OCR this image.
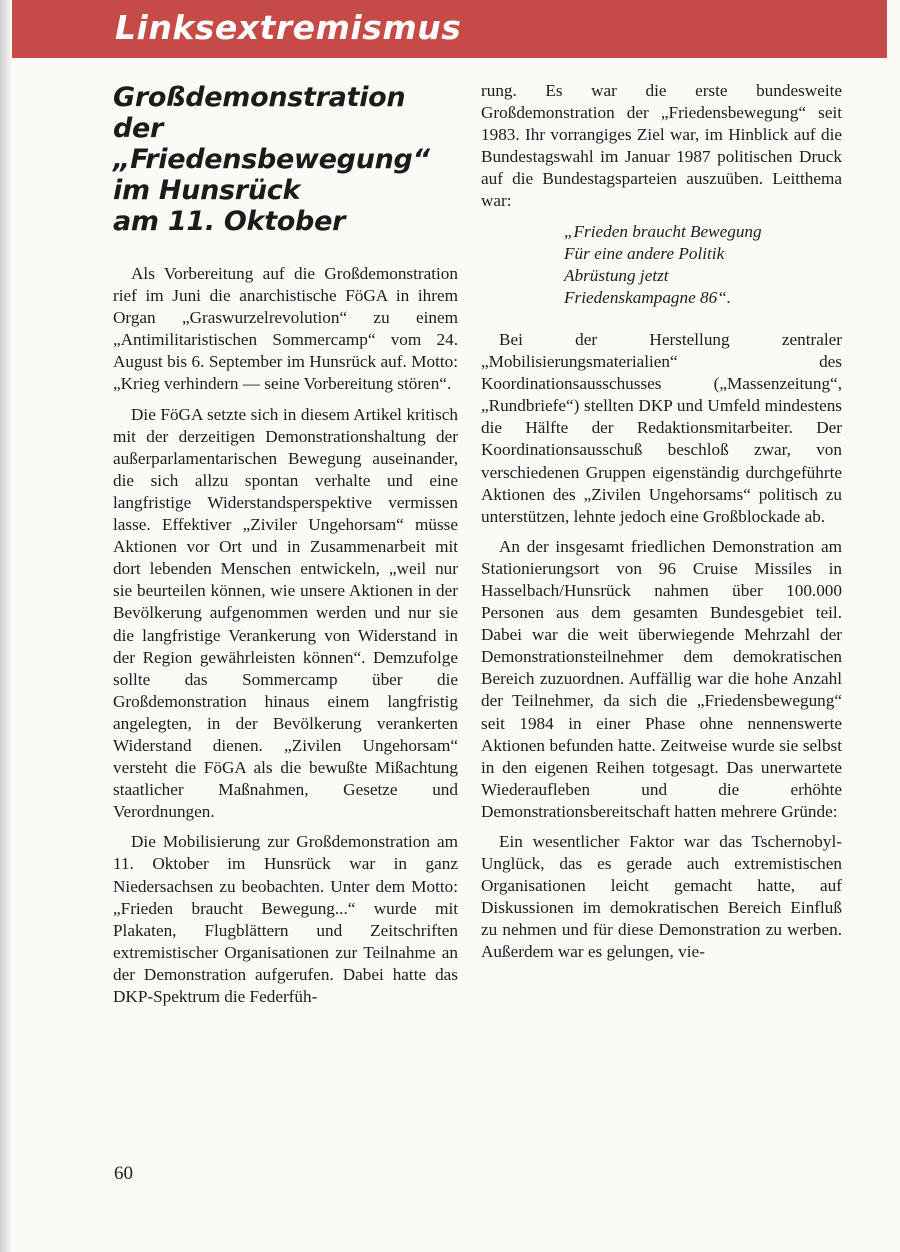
Linksextremismus
Großdemonstration
der
„Friedensbewegung“
im Hunsrück
am 11. Oktober

Als Vorbereitung auf die Großdemonstration rief im Juni die anarchistische FöGA in ihrem Organ „Graswurzelrevolution“ zu einem „Antimilitaristischen Sommercamp“ vom 24. August bis 6. September im Hunsrück auf. Motto: „Krieg verhindern — seine Vorbereitung stören“.

Die FöGA setzte sich in diesem Artikel kritisch mit der derzeitigen Demonstrationshaltung der außerparlamentarischen Bewegung auseinander, die sich allzu spontan verhalte und eine langfristige Widerstandsperspektive vermissen lasse. Effektiver „Ziviler Ungehorsam“ müsse Aktionen vor Ort und in Zusammenarbeit mit dort lebenden Menschen entwickeln, „weil nur sie beurteilen können, wie unsere Aktionen in der Bevölkerung aufgenommen werden und nur sie die langfristige Verankerung von Widerstand in der Region gewährleisten können“. Demzufolge sollte das Sommercamp über die Großdemonstration hinaus einem langfristig angelegten, in der Bevölkerung verankerten Widerstand dienen. „Zivilen Ungehorsam“ versteht die FöGA als die bewußte Mißachtung staatlicher Maßnahmen, Gesetze und Verordnungen.

Die Mobilisierung zur Großdemonstration am 11. Oktober im Hunsrück war in ganz Niedersachsen zu beobachten. Unter dem Motto: „Frieden braucht Bewegung...“ wurde mit Plakaten, Flugblättern und Zeitschriften extremistischer Organisationen zur Teilnahme an der Demonstration aufgerufen. Dabei hatte das DKP-Spektrum die Federfüh-

rung. Es war die erste bundesweite Großdemonstration der „Friedensbewegung“ seit 1983. Ihr vorrangiges Ziel war, im Hinblick auf die Bundestagswahl im Januar 1987 politischen Druck auf die Bundestagsparteien auszuüben. Leitthema war:

„Frieden braucht Bewegung
Für eine andere Politik
Abrüstung jetzt
Friedenskampagne 86“.

Bei der Herstellung zentraler „Mobilisierungsmaterialien“ des Koordinationsausschusses („Massenzeitung“, „Rundbriefe“) stellten DKP und Umfeld mindestens die Hälfte der Redaktionsmitarbeiter. Der Koordinationsausschuß beschloß zwar, von verschiedenen Gruppen eigenständig durchgeführte Aktionen des „Zivilen Ungehorsams“ politisch zu unterstützen, lehnte jedoch eine Großblockade ab.

An der insgesamt friedlichen Demonstration am Stationierungsort von 96 Cruise Missiles in Hasselbach/Hunsrück nahmen über 100.000 Personen aus dem gesamten Bundesgebiet teil. Dabei war die weit überwiegende Mehrzahl der Demonstrationsteilnehmer dem demokratischen Bereich zuzuordnen. Auffällig war die hohe Anzahl der Teilnehmer, da sich die „Friedensbewegung“ seit 1984 in einer Phase ohne nennenswerte Aktionen befunden hatte. Zeitweise wurde sie selbst in den eigenen Reihen totgesagt. Das unerwartete Wiederaufleben und die erhöhte Demonstrationsbereitschaft hatten mehrere Gründe:

Ein wesentlicher Faktor war das Tschernobyl-Unglück, das es gerade auch extremistischen Organisationen leicht gemacht hatte, auf Diskussionen im demokratischen Bereich Einfluß zu nehmen und für diese Demonstration zu werben. Außerdem war es gelungen, vie-

60
